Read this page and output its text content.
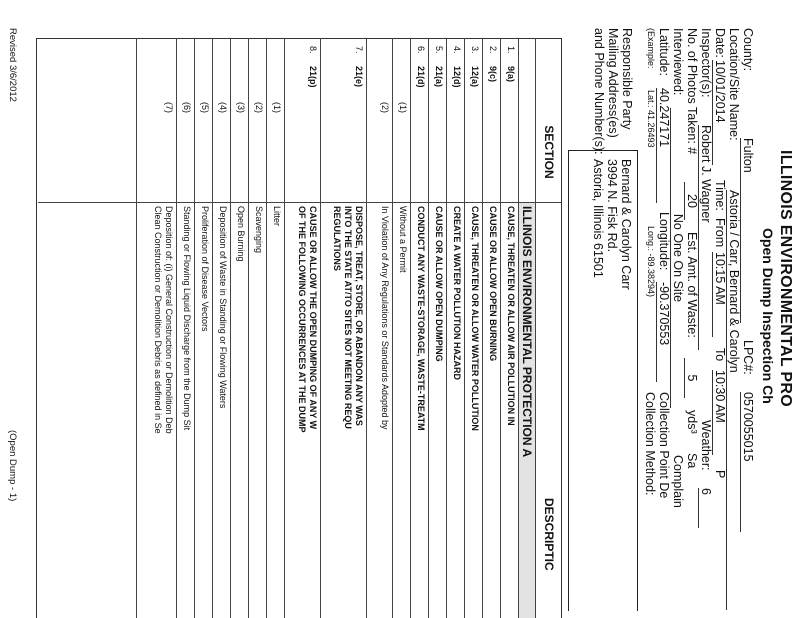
ILLINOIS ENVIRONMENTAL PRO
Open Dump Inspection Ch
County:
Fulton
LPC#:
0570055015
Location/Site Name:
Astoria / Carr, Bernard & Carolyn
Date:
10/01/2014
Time:
From
10:15 AM
To
10:30 AM
P
Inspector(s):
Robert J. Wagner
Weather:
6
No. of Photos Taken: #
20
Est. Amt. of Waste:
5
yds³
Sa
Interviewed:
No One On Site
Complain
Latitude:
40.247171
Longitude:
-90.370553
Collection Point De
(Example:
Lat.: 41.26493
Long.: -89.38294)
Collection Method:
Responsible Party
Mailing Address(es)
and Phone Number(s):
Bernard & Carolyn Carr
3994 N. Fisk Rd.
Astoria, Illinois 61501
SECTION
DESCRIPTIC
ILLINOIS ENVIRONMENTAL PROTECTION A
1.
9(a)
CAUSE, THREATEN OR ALLOW AIR POLLUTION IN
2.
9(c)
CAUSE OR ALLOW OPEN BURNING
3.
12(a)
CAUSE, THREATEN OR ALLOW WATER POLLUTION
4.
12(d)
CREATE A WATER POLLUTION HAZARD
5.
21(a)
CAUSE OR ALLOW OPEN DUMPING
6.
21(d)
CONDUCT ANY WASTE-STORAGE, WASTE-TREATM
(1)
Without a Permit
(2)
In Violation of Any Regulations or Standards Adopted by
7.
21(e)
DISPOSE, TREAT, STORE, OR ABANDON ANY WAS
INTO THE STATE AT/TO SITES NOT MEETING REQU
REGULATIONS
8.
21(p)
CAUSE OR ALLOW THE OPEN DUMPING OF ANY W
OF THE FOLLOWING OCCURRENCES AT THE DUMP
(1)
Litter
(2)
Scavenging
(3)
Open Burning
(4)
Deposition of Waste in Standing or Flowing Waters
(5)
Proliferation of Disease Vectors
(6)
Standing or Flowing Liquid Discharge from the Dump Sit
(7)
Deposition of: (i) General Construction or Demolition Deb
Clean Construction or Demolition Debris as defined in Se
Revised 3/6/2012
(Open Dump - 1)
